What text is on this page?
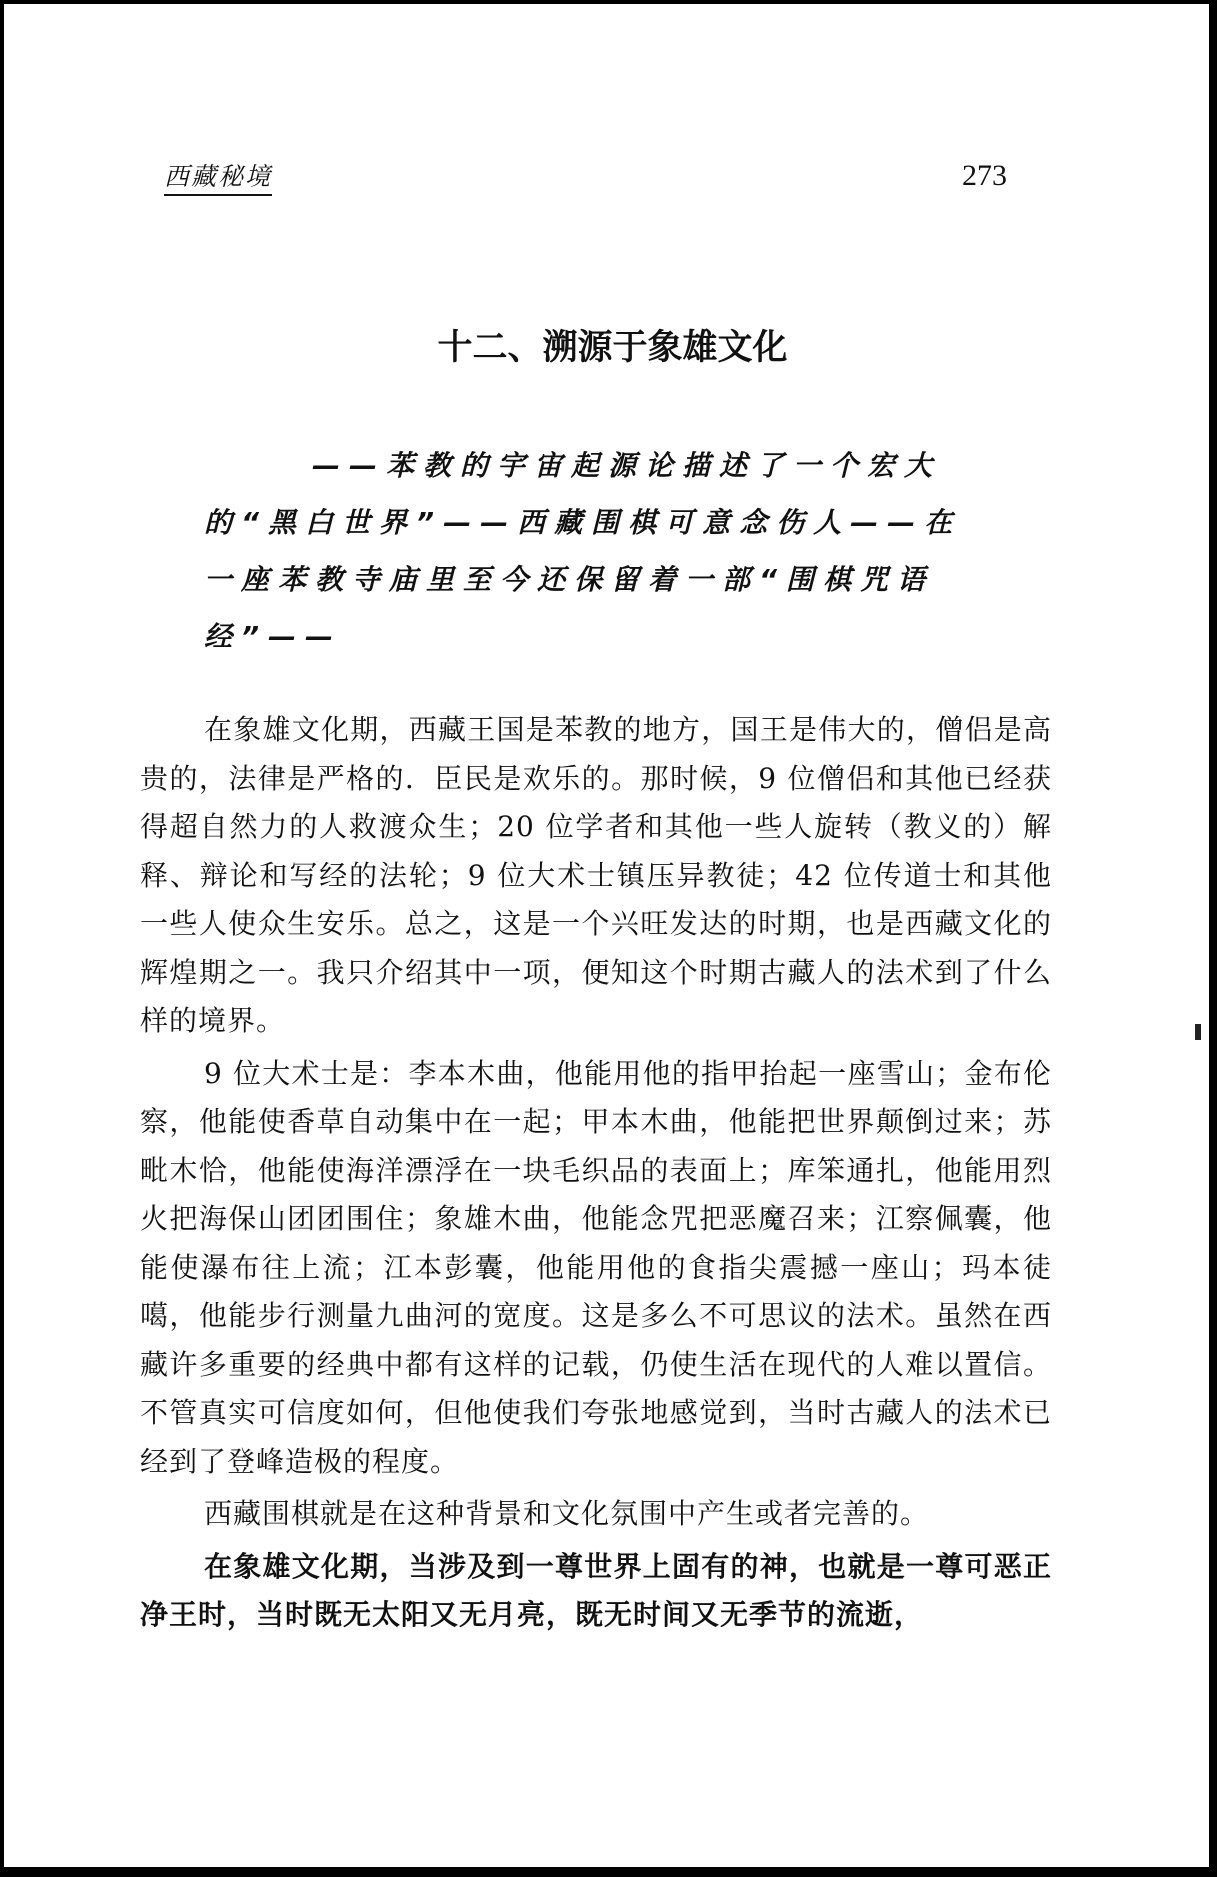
西藏秘境	273
十二、溯源于象雄文化
——苯教的宇宙起源论描述了一个宏大的“黑白世界”——西藏围棋可意念伤人——在一座苯教寺庙里至今还保留着一部“围棋咒语经”——

在象雄文化期，西藏王国是苯教的地方，国王是伟大的，僧侣是高贵的，法律是严格的．臣民是欢乐的。那时候，9 位僧侣和其他已经获得超自然力的人救渡众生；20 位学者和其他一些人旋转（教义的）解释、辩论和写经的法轮；9 位大术士镇压异教徒；42 位传道士和其他一些人使众生安乐。总之，这是一个兴旺发达的时期，也是西藏文化的辉煌期之一。我只介绍其中一项，便知这个时期古藏人的法术到了什么样的境界。

9 位大术士是：李本木曲，他能用他的指甲抬起一座雪山；金布伦察，他能使香草自动集中在一起；甲本木曲，他能把世界颠倒过来；苏毗木恰，他能使海洋漂浮在一块毛织品的表面上；库笨通扎，他能用烈火把海保山团团围住；象雄木曲，他能念咒把恶魔召来；江察佩囊，他能使瀑布往上流；江本彭囊，他能用他的食指尖震撼一座山；玛本徒噶，他能步行测量九曲河的宽度。这是多么不可思议的法术。虽然在西藏许多重要的经典中都有这样的记载，仍使生活在现代的人难以置信。不管真实可信度如何，但他使我们夸张地感觉到，当时古藏人的法术已经到了登峰造极的程度。

西藏围棋就是在这种背景和文化氛围中产生或者完善的。

在象雄文化期，当涉及到一尊世界上固有的神，也就是一尊可恶正净王时，当时既无太阳又无月亮，既无时间又无季节的流逝，
